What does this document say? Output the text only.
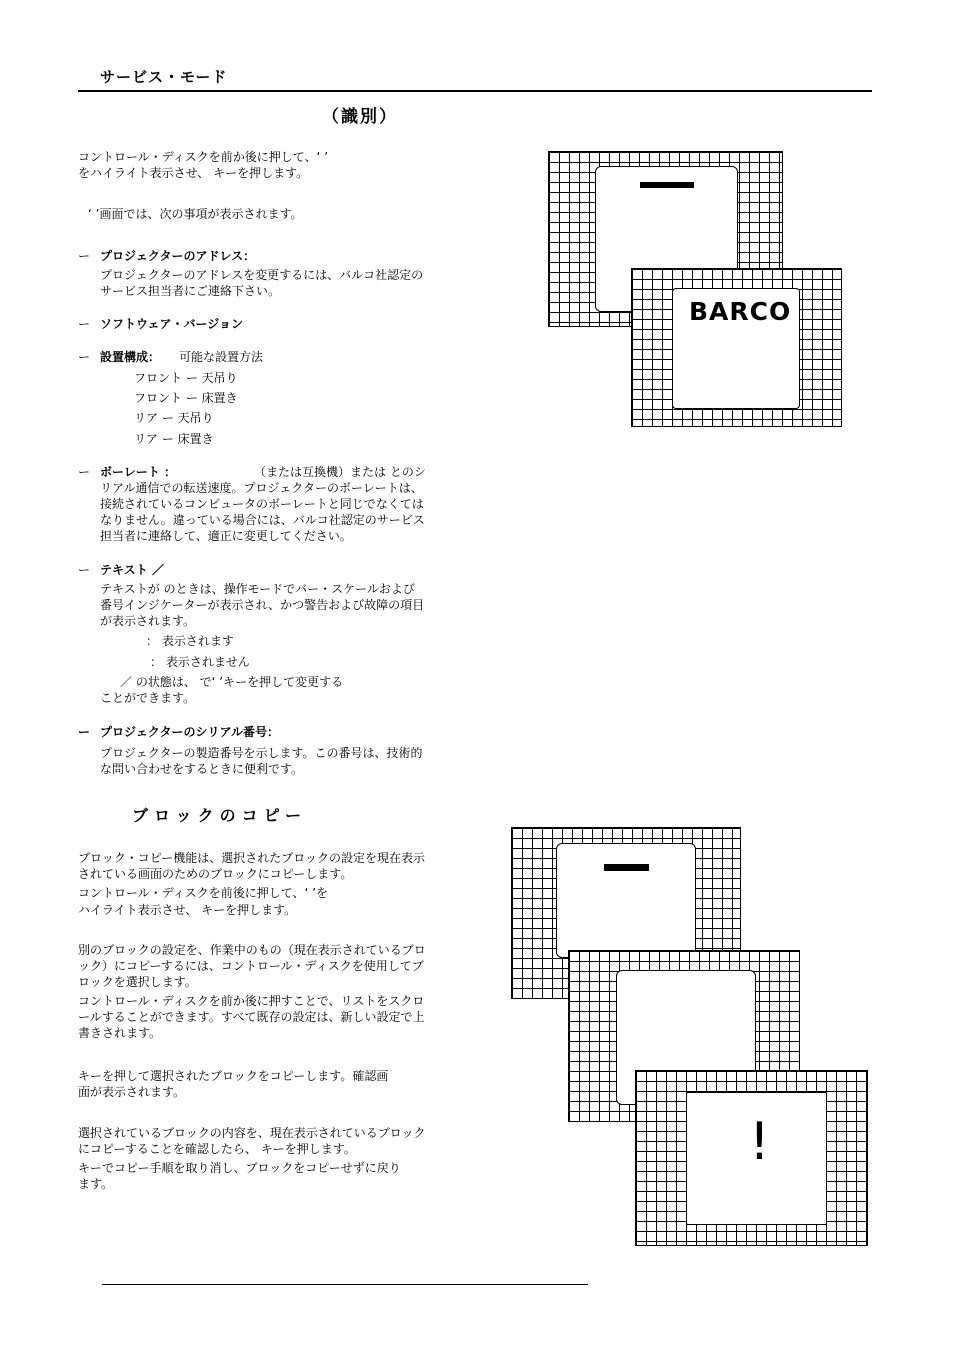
サービス・モード
（識別）
コントロール・ディスクを前か後に押して、‘ ’
をハイライト表示させ、 キーを押します。
‘ ’画面では、次の事項が表示されます。
ー プロジェクターのアドレス：
プロジェクターのアドレスを変更するには、バルコ社認定の
サービス担当者にご連絡下さい。
ー ソフトウェア・バージョン
ー 設置構成： 可能な設置方法
フロント ー 天吊り
フロント ー 床置き
リア ー 天吊り
リア ー 床置き
ー ボーレート ：	（または互換機）または とのシ
リアル通信での転送速度。プロジェクターのボーレートは、
接続されているコンピュータのボーレートと同じでなくては
なりません。違っている場合には、バルコ社認定のサービス
担当者に連絡して、適正に変更してください。
ー テキスト ／
テキストが のときは、操作モードでバー・スケールおよび
番号インジケーターが表示され、かつ警告および故障の項目
が表示されます。
： 表示されます
： 表示されません
／ の状態は、 で‘ ’キーを押して変更する
ことができます。
ー プロジェクターのシリアル番号：
プロジェクターの製造番号を示します。この番号は、技術的
な問い合わせをするときに便利です。
ブロックのコピー
ブロック・コピー機能は、選択されたブロックの設定を現在表示
されている画面のためのブロックにコピーします。
コントロール・ディスクを前後に押して、‘ ’を
ハイライト表示させ、 キーを押します。
別のブロックの設定を、作業中のもの（現在表示されているブロ
ック）にコピーするには、コントロール・ディスクを使用してブ
ロックを選択します。
コントロール・ディスクを前か後に押すことで、リストをスクロ
ールすることができます。すべて既存の設定は、新しい設定で上
書きされます。
キーを押して選択されたブロックをコピーします。確認画
面が表示されます。
選択されているブロックの内容を、現在表示されているブロック
にコピーすることを確認したら、 キーを押します。
キーでコピー手順を取り消し、ブロックをコピーせずに戻り
ます。
BARCO
!
